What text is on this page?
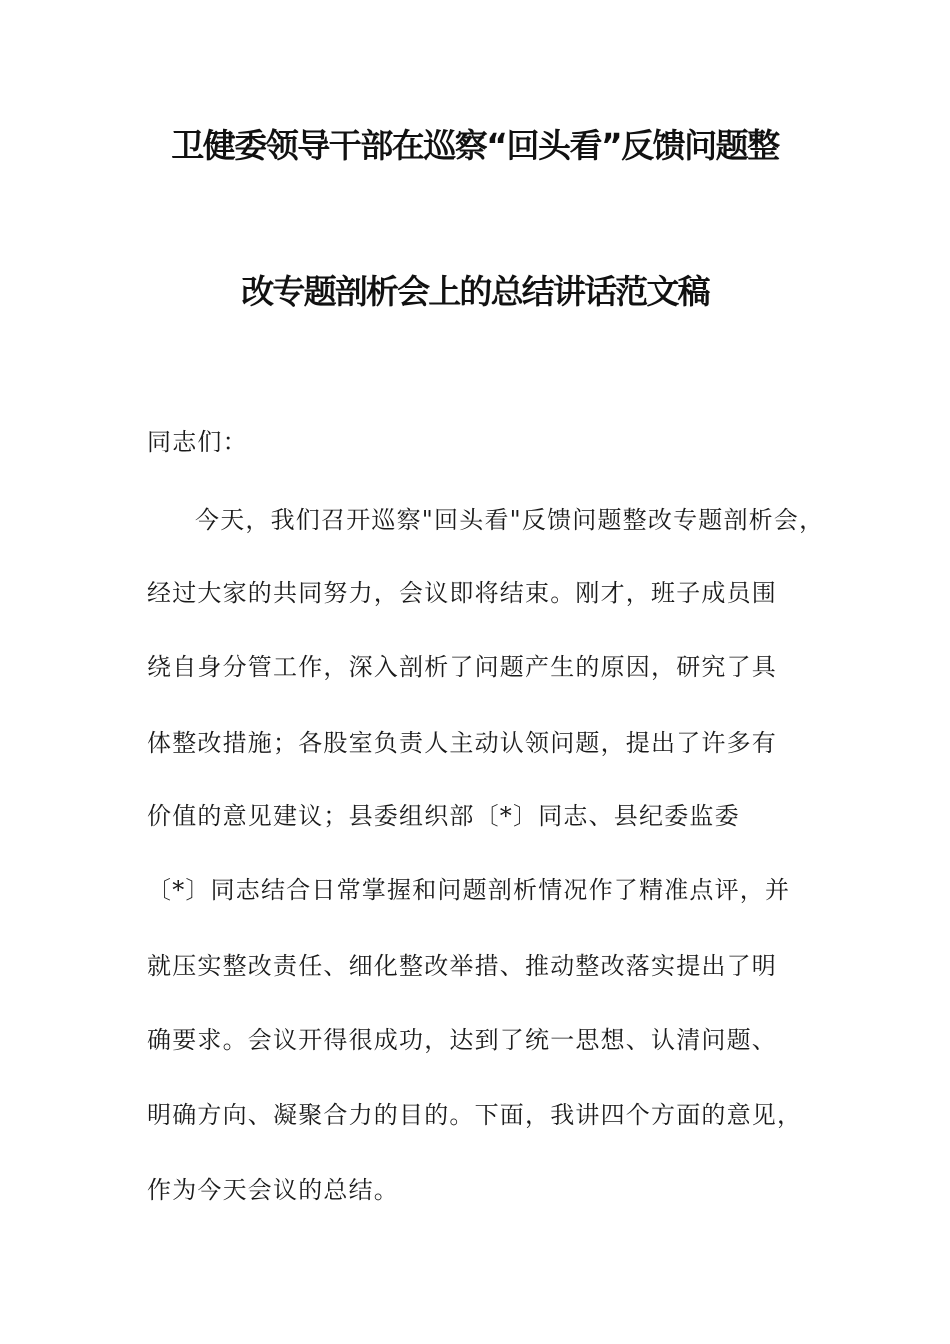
卫健委领导干部在巡察“回头看”反馈问题整
改专题剖析会上的总结讲话范文稿
同志们：
今天，我们召开巡察"回头看"反馈问题整改专题剖析会，
经过大家的共同努力，会议即将结束。刚才，班子成员围
绕自身分管工作，深入剖析了问题产生的原因，研究了具
体整改措施；各股室负责人主动认领问题，提出了许多有
价值的意见建议；县委组织部〔*〕同志、县纪委监委
〔*〕同志结合日常掌握和问题剖析情况作了精准点评，并
就压实整改责任、细化整改举措、推动整改落实提出了明
确要求。会议开得很成功，达到了统一思想、认清问题、
明确方向、凝聚合力的目的。下面，我讲四个方面的意见，
作为今天会议的总结。
